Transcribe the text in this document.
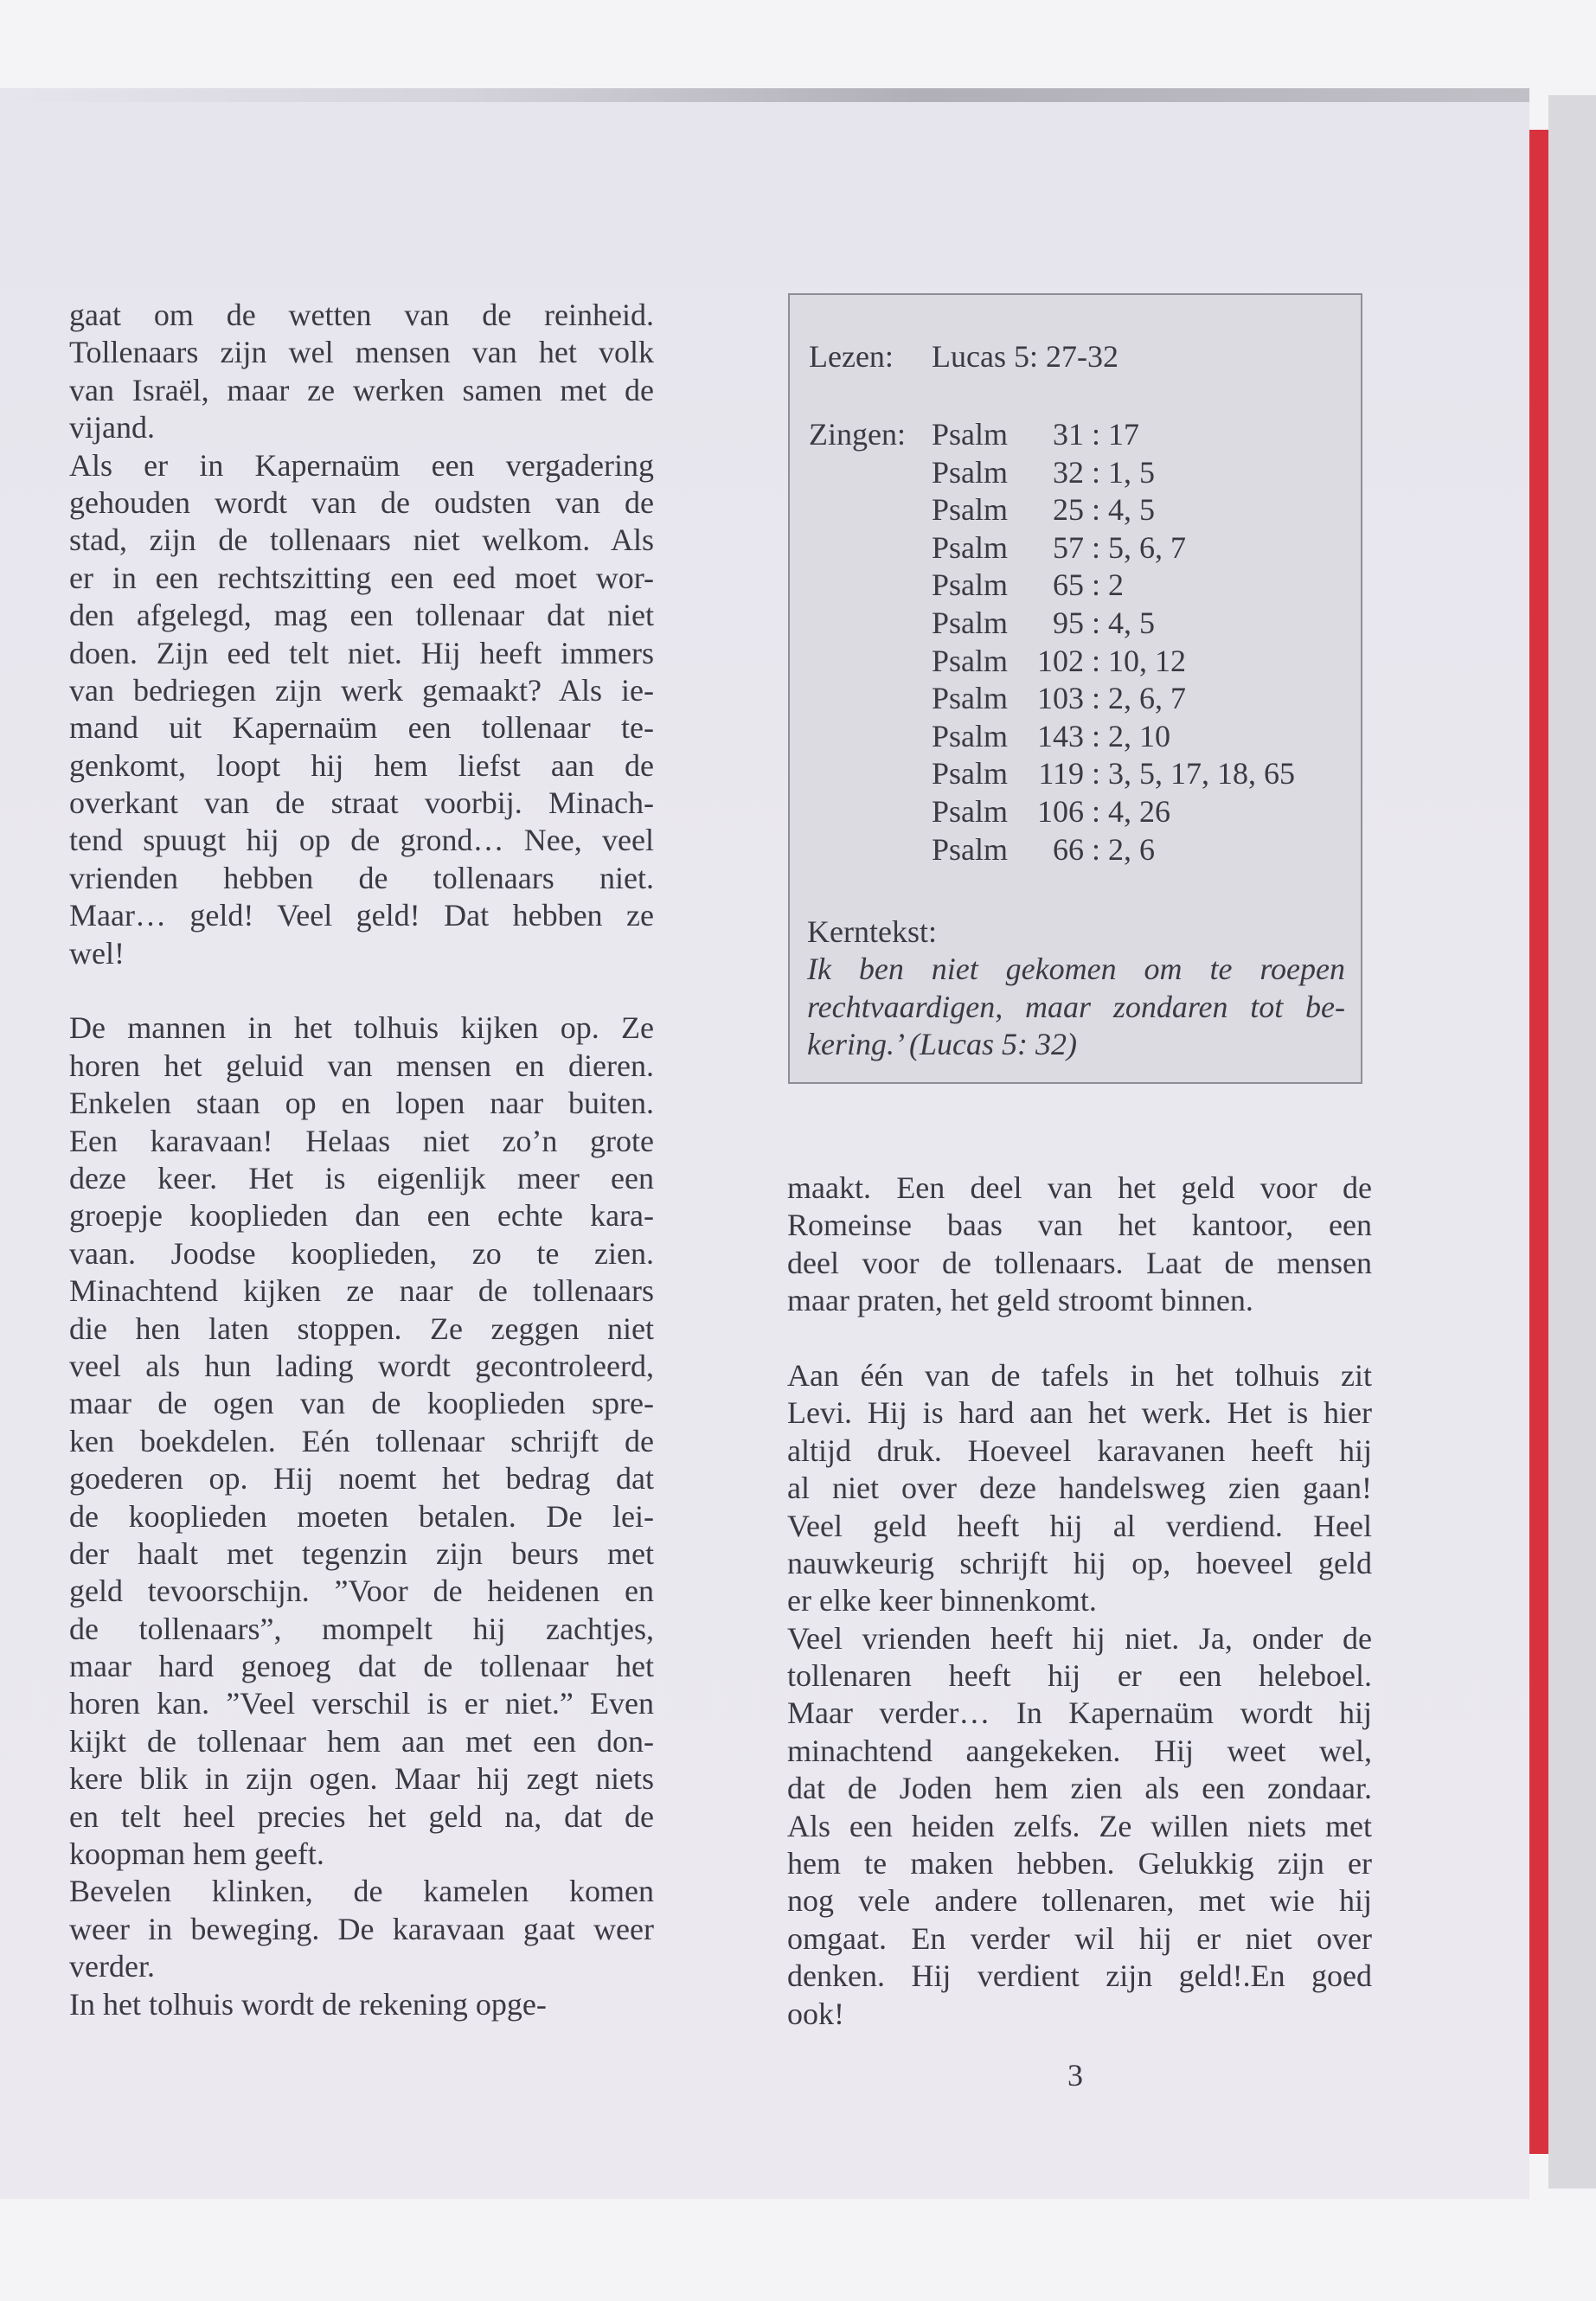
gaat om de wetten van de reinheid.
Tollenaars zijn wel mensen van het volk
van Israël, maar ze werken samen met de
vijand.
Als er in Kapernaüm een vergadering
gehouden wordt van de oudsten van de
stad, zijn de tollenaars niet welkom. Als
er in een rechtszitting een eed moet wor-
den afgelegd, mag een tollenaar dat niet
doen. Zijn eed telt niet. Hij heeft immers
van bedriegen zijn werk gemaakt? Als ie-
mand uit Kapernaüm een tollenaar te-
genkomt, loopt hij hem liefst aan de
overkant van de straat voorbij. Minach-
tend spuugt hij op de grond… Nee, veel
vrienden hebben de tollenaars niet.
Maar… geld! Veel geld! Dat hebben ze
wel!
De mannen in het tolhuis kijken op. Ze
horen het geluid van mensen en dieren.
Enkelen staan op en lopen naar buiten.
Een karavaan! Helaas niet zo’n grote
deze keer. Het is eigenlijk meer een
groepje kooplieden dan een echte kara-
vaan. Joodse kooplieden, zo te zien.
Minachtend kijken ze naar de tollenaars
die hen laten stoppen. Ze zeggen niet
veel als hun lading wordt gecontroleerd,
maar de ogen van de kooplieden spre-
ken boekdelen. Eén tollenaar schrijft de
goederen op. Hij noemt het bedrag dat
de kooplieden moeten betalen. De lei-
der haalt met tegenzin zijn beurs met
geld tevoorschijn. ”Voor de heidenen en
de tollenaars”, mompelt hij zachtjes,
maar hard genoeg dat de tollenaar het
horen kan. ”Veel verschil is er niet.” Even
kijkt de tollenaar hem aan met een don-
kere blik in zijn ogen. Maar hij zegt niets
en telt heel precies het geld na, dat de
koopman hem geeft.
Bevelen klinken, de kamelen komen
weer in beweging. De karavaan gaat weer
verder.
In het tolhuis wordt de rekening opge-
maakt. Een deel van het geld voor de
Romeinse baas van het kantoor, een
deel voor de tollenaars. Laat de mensen
maar praten, het geld stroomt binnen.
Aan één van de tafels in het tolhuis zit
Levi. Hij is hard aan het werk. Het is hier
altijd druk. Hoeveel karavanen heeft hij
al niet over deze handelsweg zien gaan!
Veel geld heeft hij al verdiend. Heel
nauwkeurig schrijft hij op, hoeveel geld
er elke keer binnenkomt.
Veel vrienden heeft hij niet. Ja, onder de
tollenaren heeft hij er een heleboel.
Maar verder… In Kapernaüm wordt hij
minachtend aangekeken. Hij weet wel,
dat de Joden hem zien als een zondaar.
Als een heiden zelfs. Ze willen niets met
hem te maken hebben. Gelukkig zijn er
nog vele andere tollenaren, met wie hij
omgaat. En verder wil hij er niet over
denken. Hij verdient zijn geld!.En goed
ook!
Lezen: Lucas 5: 27-32
Zingen: Psalm 31 : 17
Psalm 32 : 1, 5
Psalm 25 : 4, 5
Psalm 57 : 5, 6, 7
Psalm 65 : 2
Psalm 95 : 4, 5
Psalm 102 : 10, 12
Psalm 103 : 2, 6, 7
Psalm 143 : 2, 10
Psalm 119 : 3, 5, 17, 18, 65
Psalm 106 : 4, 26
Psalm 66 : 2, 6
Kerntekst:
Ik ben niet gekomen om te roepen
rechtvaardigen, maar zondaren tot be-
kering.’ (Lucas 5: 32)
3
